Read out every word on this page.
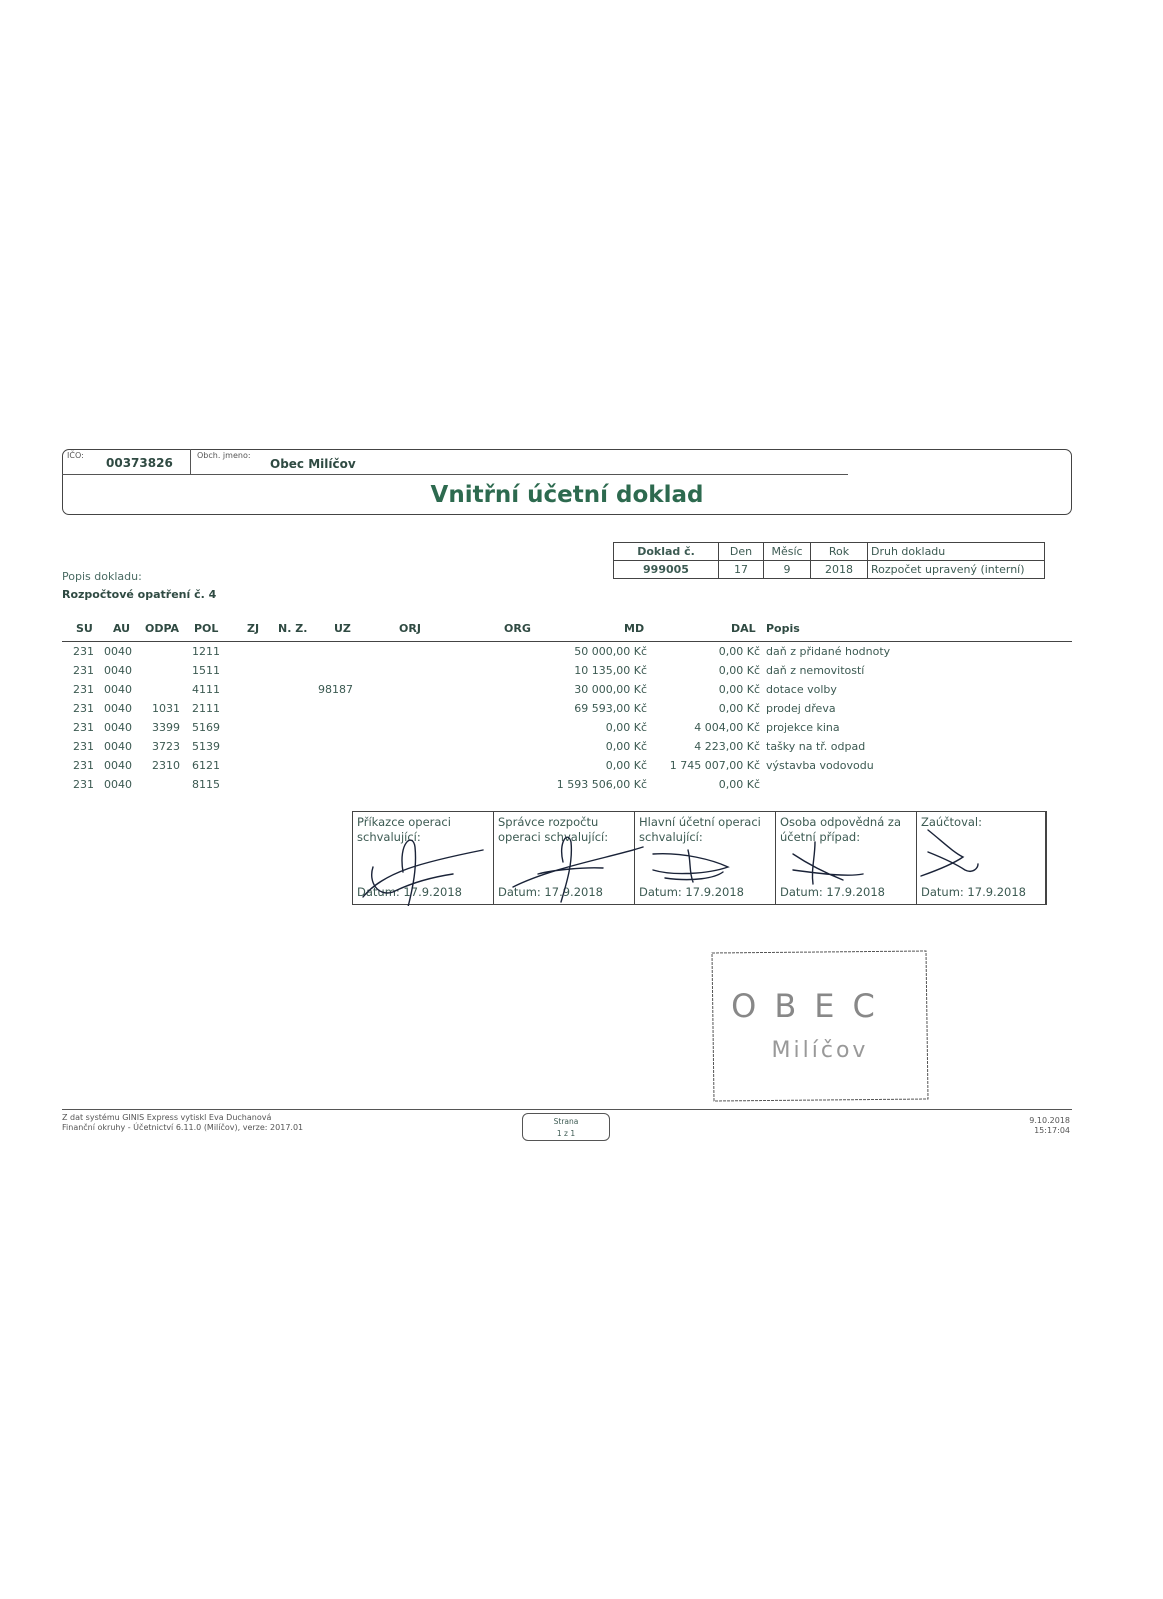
IČO:
00373826
Obch. jmeno:
Obec Milíčov
Vnitřní účetní doklad
Doklad č.	Den	Měsíc	Rok	Druh dokladu
999005	17	9	2018	Rozpočet upravený (interní)
Popis dokladu:
Rozpočtové opatření č. 4
SU AU ODPA POL	ZJ N. Z. UZ	ORJ	ORG	MD	DAL Popis
231 0040	1211	50 000,00 Kč	0,00 Kč daň z přidané hodnoty
231 0040	1511	10 135,00 Kč	0,00 Kč daň z nemovitostí
231 0040	4111	98187	30 000,00 Kč	0,00 Kč dotace volby
231 0040	1031 2111	69 593,00 Kč	0,00 Kč prodej dřeva
231 0040	3399 5169	0,00 Kč	4 004,00 Kč projekce kina
231 0040	3723 5139	0,00 Kč	4 223,00 Kč tašky na tř. odpad
231 0040	2310 6121	0,00 Kč	1 745 007,00 Kč výstavba vodovodu
231 0040	8115	1 593 506,00 Kč	0,00 Kč
Příkazce operaci schvalující:
Datum: 17.9.2018
Správce rozpočtu operaci schvalující:
Datum: 17.9.2018
Hlavní účetní operaci schvalující:
Datum: 17.9.2018
Osoba odpovědná za účetní případ:
Datum: 17.9.2018
Zaúčtoval:
Datum: 17.9.2018
OBEC
Milíčov
Z dat systému GINIS Express vytiskl Eva Duchanová
Finanční okruhy - Účetnictví 6.11.0 (Milíčov), verze: 2017.01
Strana
1 z 1
9.10.2018
15:17:04
